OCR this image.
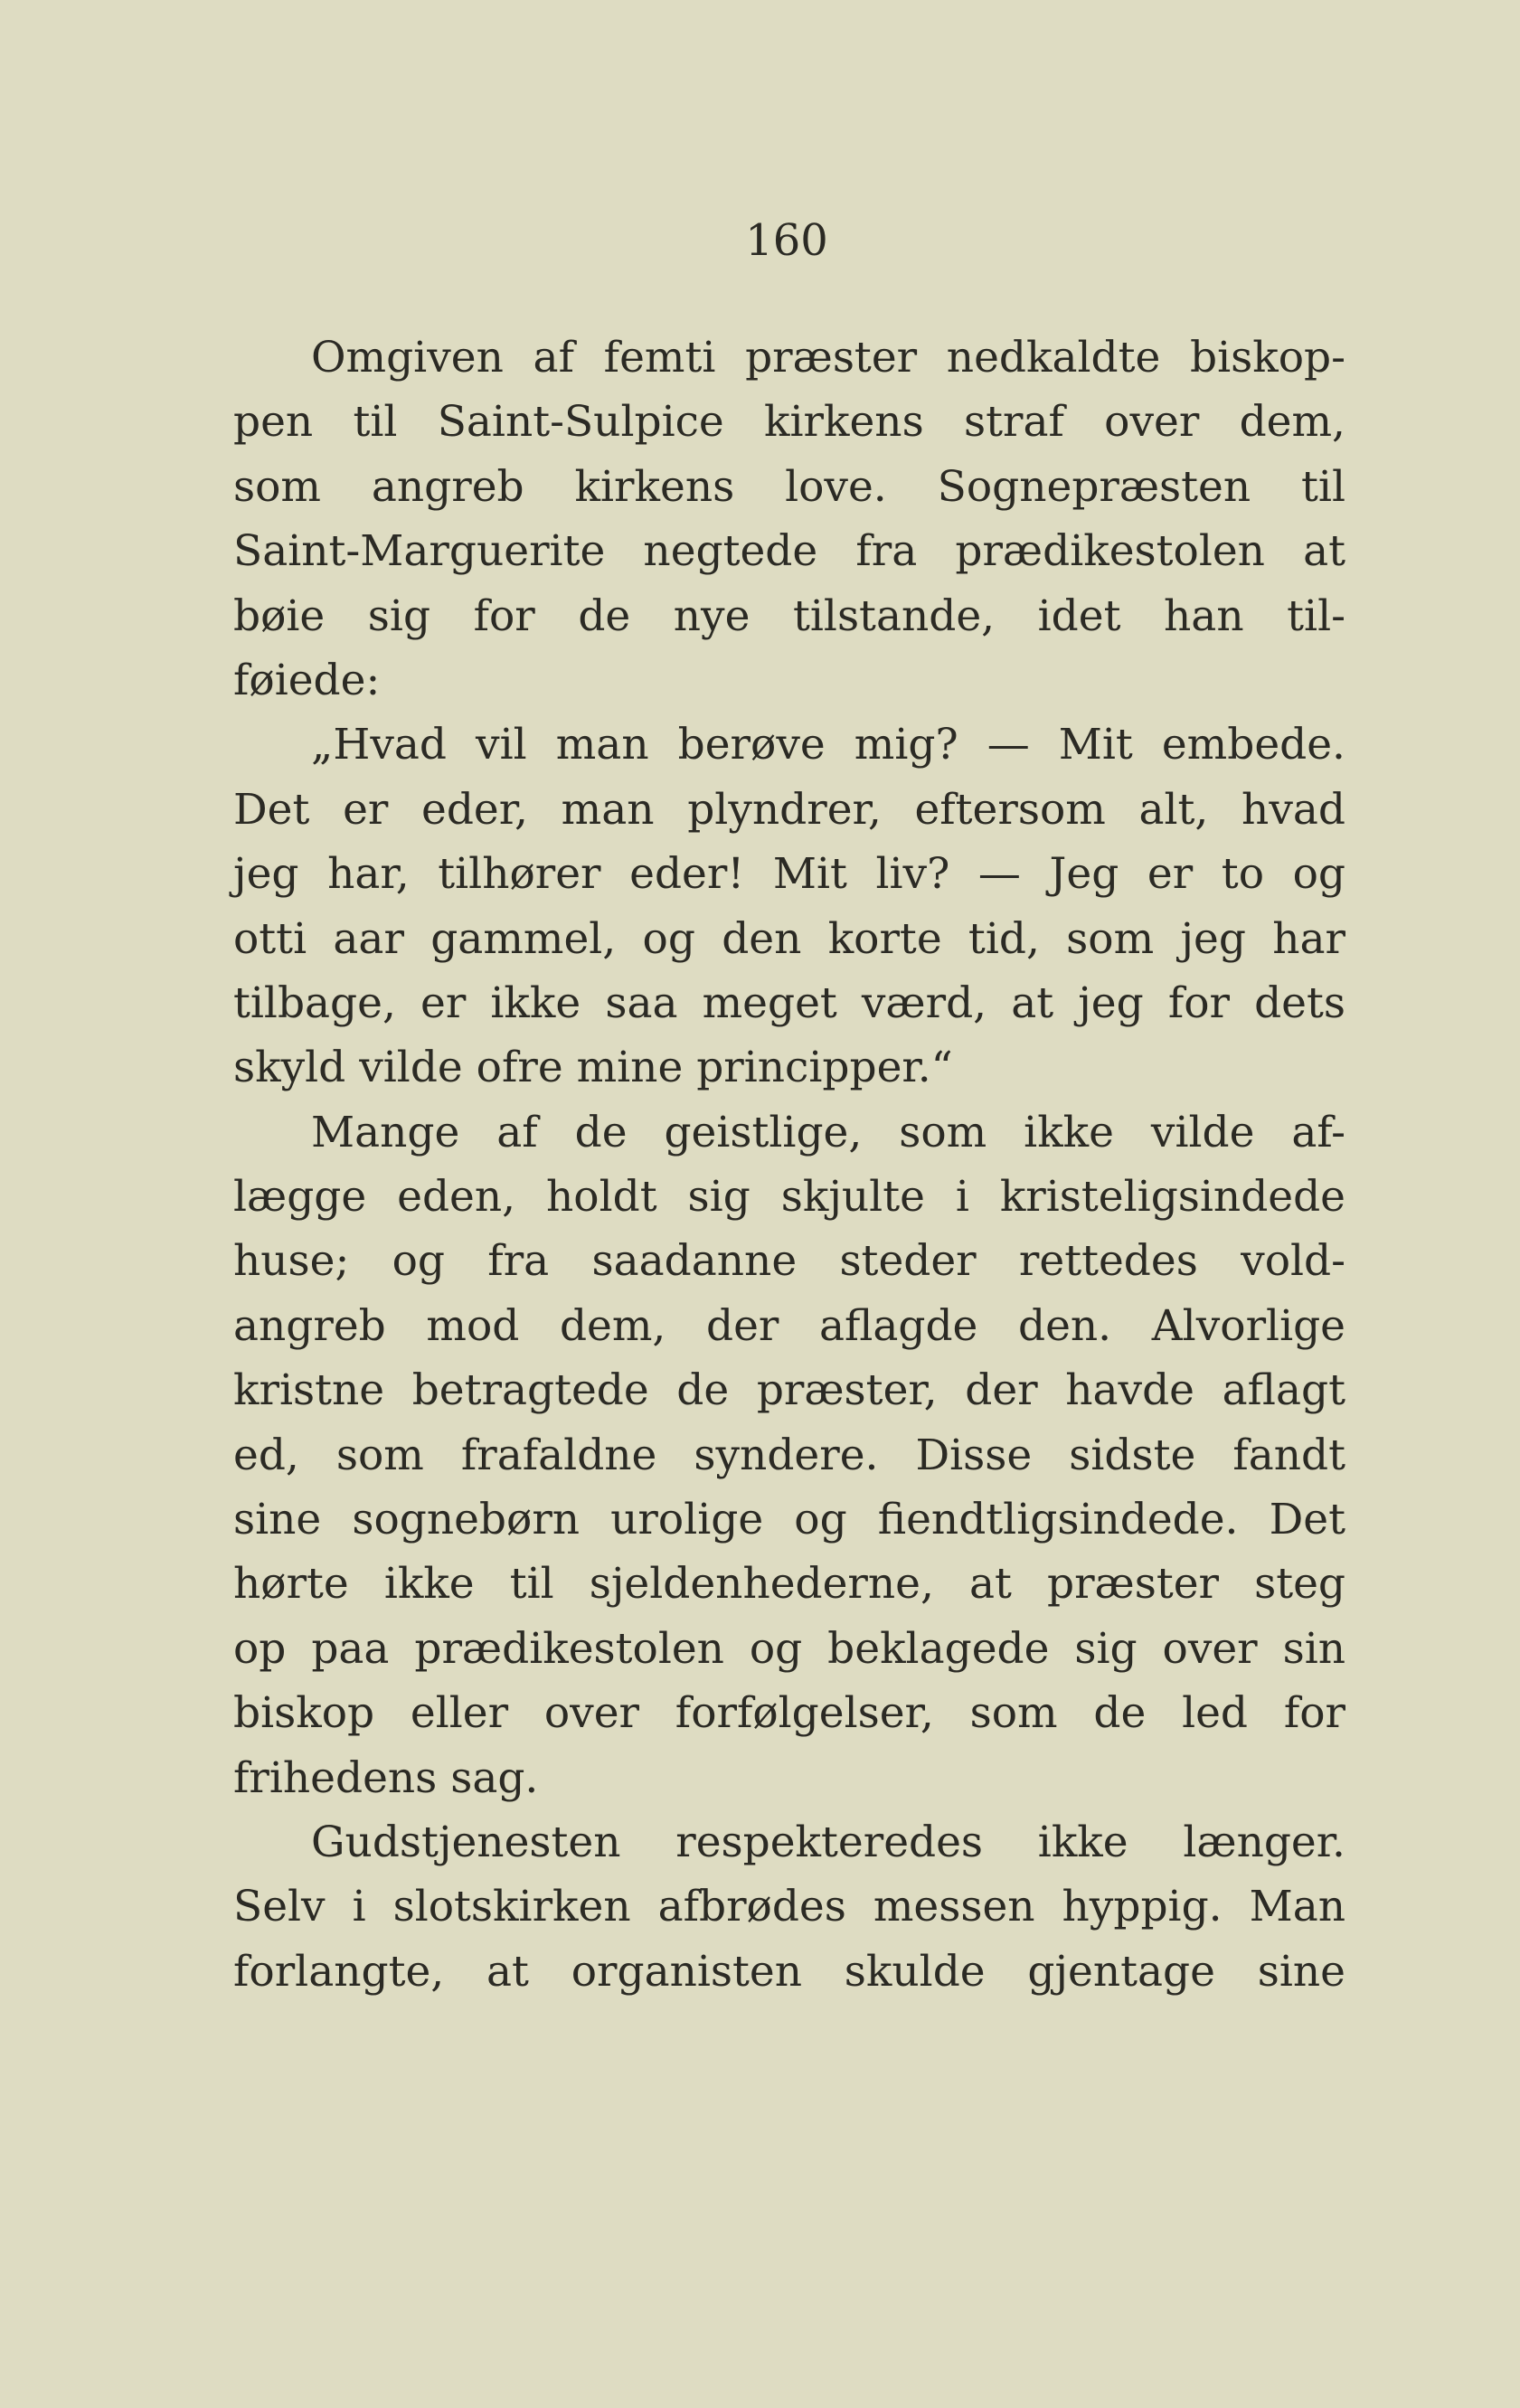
160
Omgiven af femti præster nedkaldte biskop-
pen til Saint-Sulpice kirkens straf over dem,
som angreb kirkens love. Sognepræsten til
Saint-Marguerite negtede fra prædikestolen at
bøie sig for de nye tilstande, idet han til-
føiede:
„Hvad vil man berøve mig? — Mit embede.
Det er eder, man plyndrer, eftersom alt, hvad
jeg har, tilhører eder! Mit liv? — Jeg er to og
otti aar gammel, og den korte tid, som jeg har
tilbage, er ikke saa meget værd, at jeg for dets
skyld vilde ofre mine principper.“
Mange af de geistlige, som ikke vilde af-
lægge eden, holdt sig skjulte i kristeligsindede
huse; og fra saadanne steder rettedes vold-
angreb mod dem, der aflagde den. Alvorlige
kristne betragtede de præster, der havde aflagt
ed, som frafaldne syndere. Disse sidste fandt
sine sognebørn urolige og fiendtligsindede. Det
hørte ikke til sjeldenhederne, at præster steg
op paa prædikestolen og beklagede sig over sin
biskop eller over forfølgelser, som de led for
frihedens sag.
Gudstjenesten respekteredes ikke længer.
Selv i slotskirken afbrødes messen hyppig. Man
forlangte, at organisten skulde gjentage sine
